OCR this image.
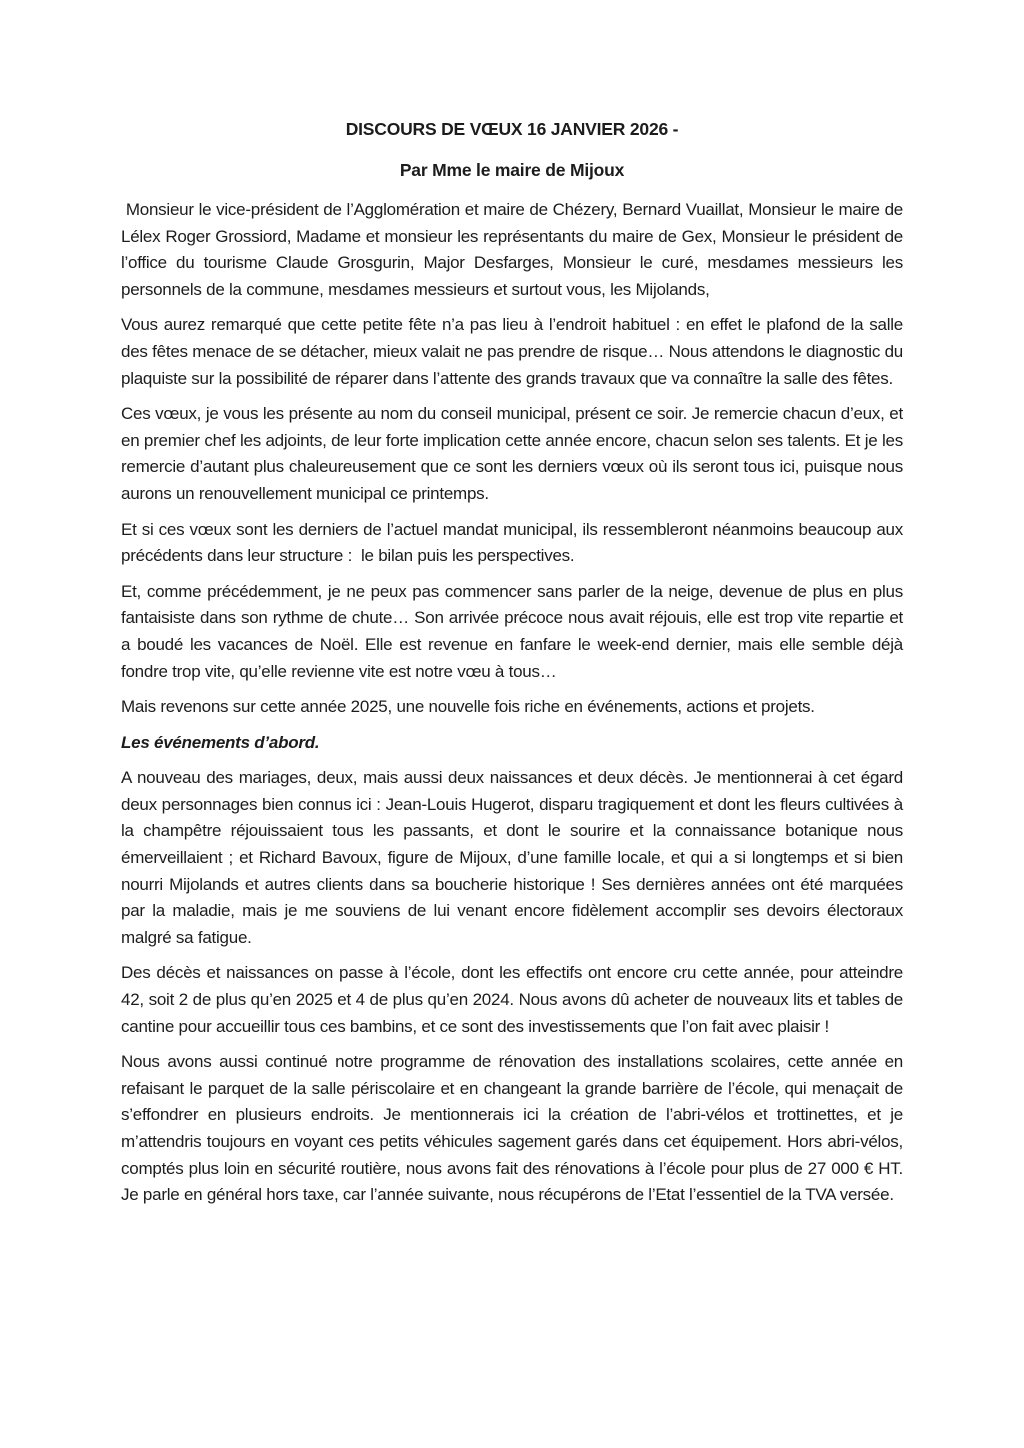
DISCOURS DE VŒUX 16 JANVIER 2026 -
Par Mme le maire de Mijoux

Monsieur le vice-président de l’Agglomération et maire de Chézery, Bernard Vuaillat, Monsieur le maire de Lélex Roger Grossiord, Madame et monsieur les représentants du maire de Gex, Monsieur le président de l’office du tourisme Claude Grosgurin, Major Desfarges, Monsieur le curé, mesdames messieurs les personnels de la commune, mesdames messieurs et surtout vous, les Mijolands,

Vous aurez remarqué que cette petite fête n’a pas lieu à l’endroit habituel : en effet le plafond de la salle des fêtes menace de se détacher, mieux valait ne pas prendre de risque… Nous attendons le diagnostic du plaquiste sur la possibilité de réparer dans l’attente des grands travaux que va connaître la salle des fêtes.

Ces vœux, je vous les présente au nom du conseil municipal, présent ce soir. Je remercie chacun d’eux, et en premier chef les adjoints, de leur forte implication cette année encore, chacun selon ses talents. Et je les remercie d’autant plus chaleureusement que ce sont les derniers vœux où ils seront tous ici, puisque nous aurons un renouvellement municipal ce printemps.

Et si ces vœux sont les derniers de l’actuel mandat municipal, ils ressembleront néanmoins beaucoup aux précédents dans leur structure :  le bilan puis les perspectives.

Et, comme précédemment, je ne peux pas commencer sans parler de la neige, devenue de plus en plus fantaisiste dans son rythme de chute… Son arrivée précoce nous avait réjouis, elle est trop vite repartie et a boudé les vacances de Noël. Elle est revenue en fanfare le week-end dernier, mais elle semble déjà fondre trop vite, qu’elle revienne vite est notre vœu à tous…

Mais revenons sur cette année 2025, une nouvelle fois riche en événements, actions et projets.

Les événements d’abord.

A nouveau des mariages, deux, mais aussi deux naissances et deux décès. Je mentionnerai à cet égard deux personnages bien connus ici : Jean-Louis Hugerot, disparu tragiquement et dont les fleurs cultivées à la champêtre réjouissaient tous les passants, et dont le sourire et la connaissance botanique nous émerveillaient ; et Richard Bavoux, figure de Mijoux, d’une famille locale, et qui a si longtemps et si bien nourri Mijolands et autres clients dans sa boucherie historique ! Ses dernières années ont été marquées par la maladie, mais je me souviens de lui venant encore fidèlement accomplir ses devoirs électoraux malgré sa fatigue.

Des décès et naissances on passe à l’école, dont les effectifs ont encore cru cette année, pour atteindre 42, soit 2 de plus qu’en 2025 et 4 de plus qu’en 2024. Nous avons dû acheter de nouveaux lits et tables de cantine pour accueillir tous ces bambins, et ce sont des investissements que l’on fait avec plaisir !

Nous avons aussi continué notre programme de rénovation des installations scolaires, cette année en refaisant le parquet de la salle périscolaire et en changeant la grande barrière de l’école, qui menaçait de s’effondrer en plusieurs endroits. Je mentionnerais ici la création de l’abri-vélos et trottinettes, et je m’attendris toujours en voyant ces petits véhicules sagement garés dans cet équipement. Hors abri-vélos, comptés plus loin en sécurité routière, nous avons fait des rénovations à l’école pour plus de 27 000 € HT. Je parle en général hors taxe, car l’année suivante, nous récupérons de l’Etat l’essentiel de la TVA versée.
